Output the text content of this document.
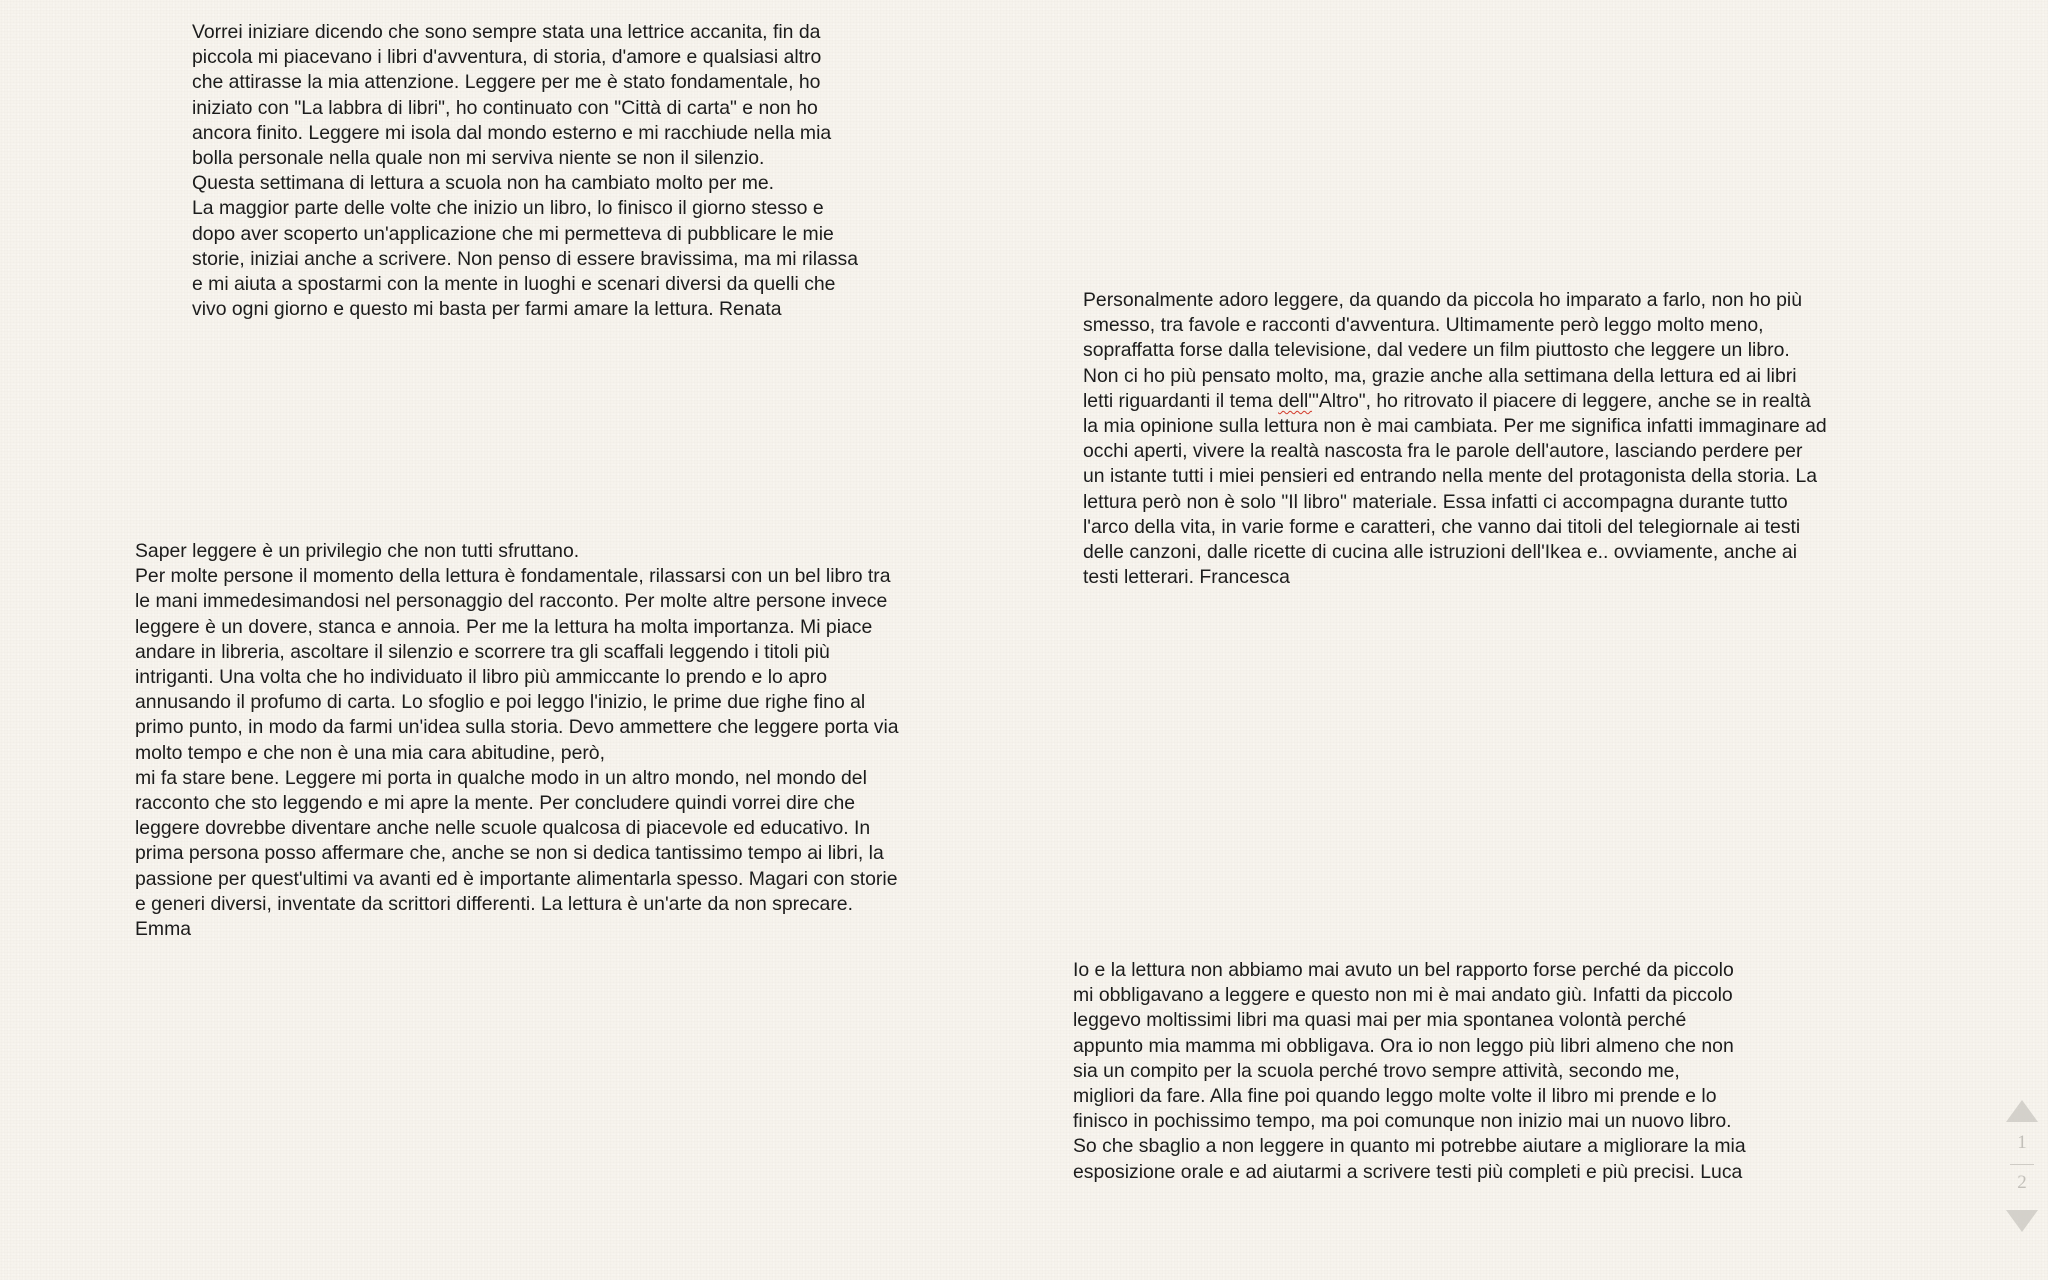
Vorrei iniziare dicendo che sono sempre stata una lettrice accanita, fin da
piccola mi piacevano i libri d'avventura, di storia, d'amore e qualsiasi altro
che attirasse la mia attenzione. Leggere per me è stato fondamentale, ho
iniziato con "La labbra di libri", ho continuato con "Città di carta" e non ho
ancora finito. Leggere mi isola dal mondo esterno e mi racchiude nella mia
bolla personale nella quale non mi serviva niente se non il silenzio.
Questa settimana di lettura a scuola non ha cambiato molto per me.
La maggior parte delle volte che inizio un libro, lo finisco il giorno stesso e
dopo aver scoperto un'applicazione che mi permetteva di pubblicare le mie
storie, iniziai anche a scrivere. Non penso di essere bravissima, ma mi rilassa
e mi aiuta a spostarmi con la mente in luoghi e scenari diversi da quelli che
vivo ogni giorno e questo mi basta per farmi amare la lettura. Renata	Personalmente adoro leggere, da quando da piccola ho imparato a farlo, non ho più
smesso, tra favole e racconti d'avventura. Ultimamente però leggo molto meno,
sopraffatta forse dalla televisione, dal vedere un film piuttosto che leggere un libro.
Non ci ho più pensato molto, ma, grazie anche alla settimana della lettura ed ai libri
letti riguardanti il tema dell'"Altro", ho ritrovato il piacere di leggere, anche se in realtà
la mia opinione sulla lettura non è mai cambiata. Per me significa infatti immaginare ad
occhi aperti, vivere la realtà nascosta fra le parole dell'autore, lasciando perdere per
un istante tutti i miei pensieri ed entrando nella mente del protagonista della storia. La
lettura però non è solo "Il libro" materiale. Essa infatti ci accompagna durante tutto
l'arco della vita, in varie forme e caratteri, che vanno dai titoli del telegiornale ai testi
delle canzoni, dalle ricette di cucina alle istruzioni dell'Ikea e.. ovviamente, anche ai
testi letterari. Francesca

Saper leggere è un privilegio che non tutti sfruttano.
Per molte persone il momento della lettura è fondamentale, rilassarsi con un bel libro tra
le mani immedesimandosi nel personaggio del racconto. Per molte altre persone invece
leggere è un dovere, stanca e annoia. Per me la lettura ha molta importanza. Mi piace
andare in libreria, ascoltare il silenzio e scorrere tra gli scaffali leggendo i titoli più
intriganti. Una volta che ho individuato il libro più ammiccante lo prendo e lo apro
annusando il profumo di carta. Lo sfoglio e poi leggo l'inizio, le prime due righe fino al
primo punto, in modo da farmi un'idea sulla storia. Devo ammettere che leggere porta via
molto tempo e che non è una mia cara abitudine, però,
mi fa stare bene. Leggere mi porta in qualche modo in un altro mondo, nel mondo del
racconto che sto leggendo e mi apre la mente. Per concludere quindi vorrei dire che
leggere dovrebbe diventare anche nelle scuole qualcosa di piacevole ed educativo. In
prima persona posso affermare che, anche se non si dedica tantissimo tempo ai libri, la
passione per quest'ultimi va avanti ed è importante alimentarla spesso. Magari con storie
e generi diversi, inventate da scrittori differenti. La lettura è un'arte da non sprecare.
Emma

Io e la lettura non abbiamo mai avuto un bel rapporto forse perché da piccolo
mi obbligavano a leggere e questo non mi è mai andato giù. Infatti da piccolo
leggevo moltissimi libri ma quasi mai per mia spontanea volontà perché
appunto mia mamma mi obbligava. Ora io non leggo più libri almeno che non
sia un compito per la scuola perché trovo sempre attività, secondo me,
migliori da fare. Alla fine poi quando leggo molte volte il libro mi prende e lo
finisco in pochissimo tempo, ma poi comunque non inizio mai un nuovo libro.
So che sbaglio a non leggere in quanto mi potrebbe aiutare a migliorare la mia
esposizione orale e ad aiutarmi a scrivere testi più completi e più precisi. Luca

1
2
